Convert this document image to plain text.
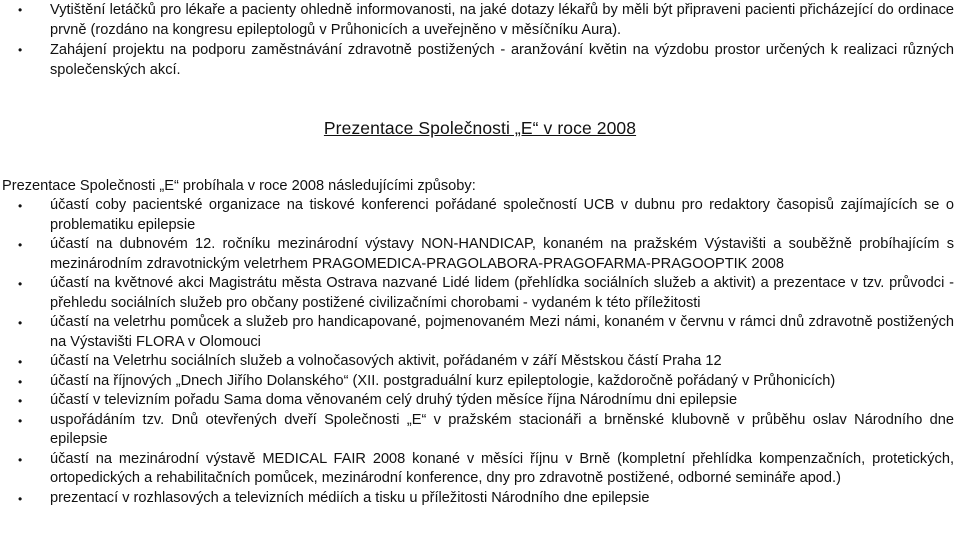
• Vytištění letáčků pro lékaře a pacienty ohledně informovanosti, na jaké dotazy lékařů by měli být připraveni pacienti přicházející do ordinace prvně (rozdáno na kongresu epileptologů v Průhonicích a uveřejněno v měsíčníku Aura).
• Zahájení projektu na podporu zaměstnávání zdravotně postižených - aranžování květin na výzdobu prostor určených k realizaci různých společenských akcí.
Prezentace Společnosti „E“ v roce 2008
Prezentace Společnosti „E“ probíhala v roce 2008 následujícími způsoby:
• účastí coby pacientské organizace na tiskové konferenci pořádané společností UCB v dubnu pro redaktory časopisů zajímajících se o problematiku epilepsie
• účastí na dubnovém 12. ročníku mezinárodní výstavy NON-HANDICAP, konaném na pražském Výstavišti a souběžně probíhajícím s mezinárodním zdravotnickým veletrhem PRAGOMEDICA-PRAGOLABORA-PRAGOFARMA-PRAGOOPTIK 2008
• účastí na květnové akci Magistrátu města Ostrava nazvané Lidé lidem (přehlídka sociálních služeb a aktivit) a prezentace v tzv. průvodci - přehledu sociálních služeb pro občany postižené civilizačními chorobami - vydaném k této příležitosti
• účastí na veletrhu pomůcek a služeb pro handicapované, pojmenovaném Mezi námi, konaném v červnu v rámci dnů zdravotně postižených na Výstavišti FLORA v Olomouci
• účastí na Veletrhu sociálních služeb a volnočasových aktivit, pořádaném v září Městskou částí Praha 12
• účastí na říjnových „Dnech Jiřího Dolanského“ (XII. postgraduální kurz epileptologie, každoročně pořádaný v Průhonicích)
• účastí v televizním pořadu Sama doma věnovaném celý druhý týden měsíce října Národnímu dni epilepsie
• uspořádáním tzv. Dnů otevřených dveří Společnosti „E“ v pražském stacionáři a brněnské klubovně v průběhu oslav Národního dne epilepsie
• účastí na mezinárodní výstavě MEDICAL FAIR 2008 konané v měsíci říjnu v Brně (kompletní přehlídka kompenzačních, protetických, ortopedických a rehabilitačních pomůcek, mezinárodní konference, dny pro zdravotně postižené, odborné semináře apod.)
• prezentací v rozhlasových a televizních médiích a tisku u příležitosti Národního dne epilepsie
